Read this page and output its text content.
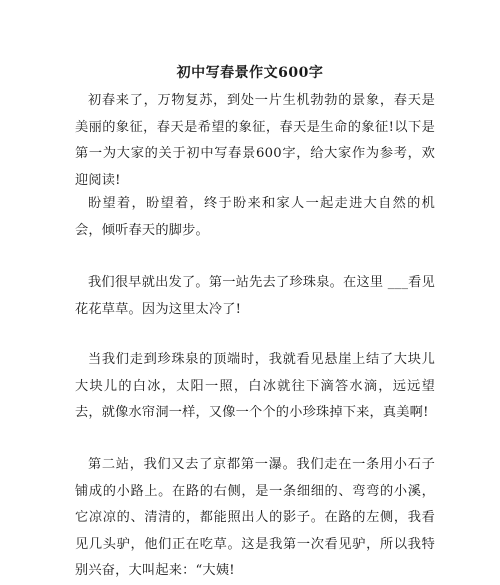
初中写春景作文600字

初春来了，万物复苏，到处一片生机勃勃的景象，春天是美丽的象征，春天是希望的象征，春天是生命的象征!以下是第一为大家的关于初中写春景600字，给大家作为参考，欢迎阅读!

盼望着，盼望着，终于盼来和家人一起走进大自然的机会，倾听春天的脚步。

我们很早就出发了。第一站先去了珍珠泉。在这里 ___看见花花草草。因为这里太冷了!

当我们走到珍珠泉的顶端时，我就看见悬崖上结了大块儿大块儿的白冰，太阳一照，白冰就往下滴答水滴，远远望去，就像水帘洞一样，又像一个个的小珍珠掉下来，真美啊!

第二站，我们又去了京都第一瀑。我们走在一条用小石子铺成的小路上。在路的右侧，是一条细细的、弯弯的小溪，它凉凉的、清清的，都能照出人的影子。在路的左侧，我看见几头驴，他们正在吃草。这是我第一次看见驴，所以我特别兴奋，大叫起来：“大姨!
